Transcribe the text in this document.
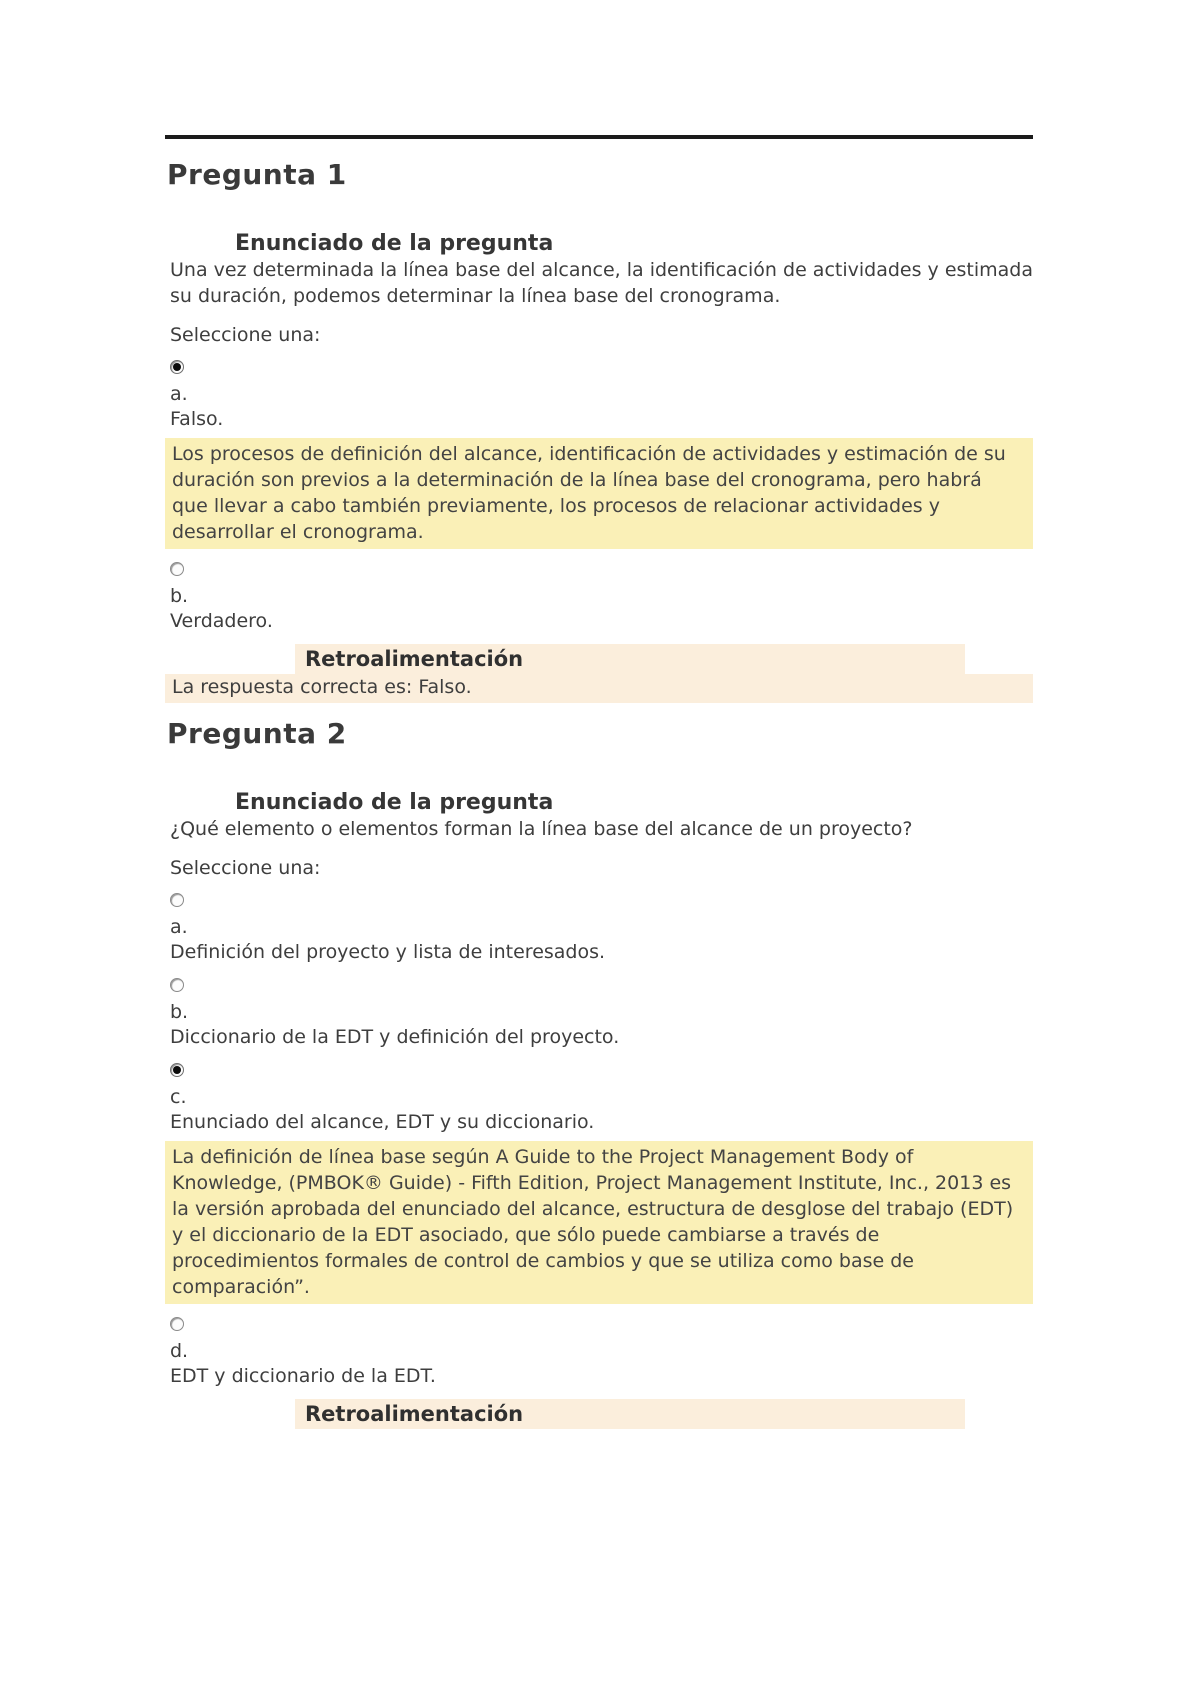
Pregunta 1
Enunciado de la pregunta

Una vez determinada la línea base del alcance, la identificación de actividades y estimada su duración, podemos determinar la línea base del cronograma.

Seleccione una:
a.
Falso.
Los procesos de definición del alcance, identificación de actividades y estimación de su duración son previos a la determinación de la línea base del cronograma, pero habrá que llevar a cabo también previamente, los procesos de relacionar actividades y desarrollar el cronograma.
b.
Verdadero.
Retroalimentación
La respuesta correcta es: Falso.
Pregunta 2
Enunciado de la pregunta

¿Qué elemento o elementos forman la línea base del alcance de un proyecto?

Seleccione una:
a.
Definición del proyecto y lista de interesados.
b.
Diccionario de la EDT y definición del proyecto.
c.
Enunciado del alcance, EDT y su diccionario.
La definición de línea base según A Guide to the Project Management Body of Knowledge, (PMBOK® Guide) - Fifth Edition, Project Management Institute, Inc., 2013 es la versión aprobada del enunciado del alcance, estructura de desglose del trabajo (EDT) y el diccionario de la EDT asociado, que sólo puede cambiarse a través de procedimientos formales de control de cambios y que se utiliza como base de comparación”.
d.
EDT y diccionario de la EDT.
Retroalimentación
